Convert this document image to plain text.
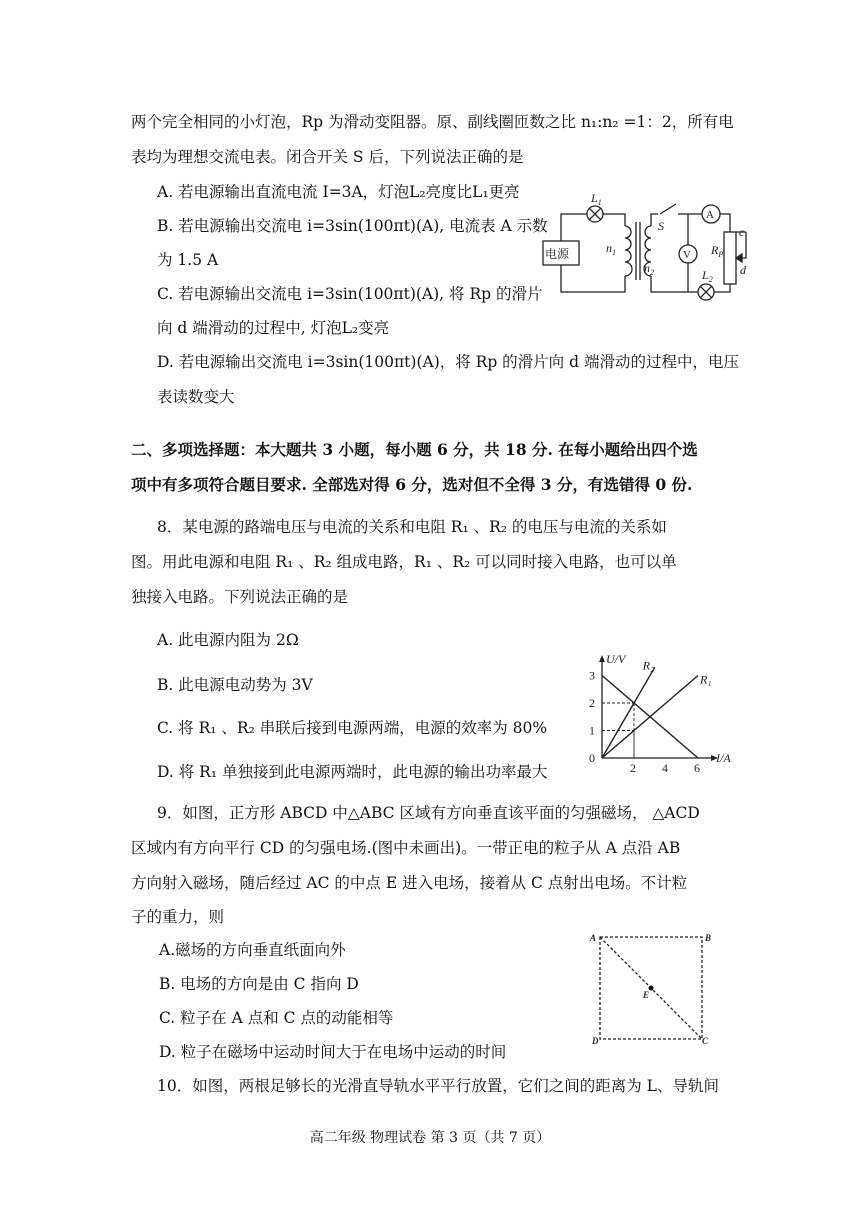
两个完全相同的小灯泡，Rp 为滑动变阻器。原、副线圈匝数之比 n₁:n₂ =1：2，所有电
表均为理想交流电表。闭合开关 S 后，下列说法正确的是
A. 若电源输出直流电流 I=3A，灯泡L₂亮度比L₁更亮
B. 若电源输出交流电 i=3sin(100πt)(A), 电流表 A 示数
为 1.5 A
C. 若电源输出交流电 i=3sin(100πt)(A), 将 Rp 的滑片
向 d 端滑动的过程中, 灯泡L₂变亮
D. 若电源输出交流电 i=3sin(100πt)(A)，将 Rp 的滑片向 d 端滑动的过程中，电压
表读数变大
电源
$L_1$
$n_1$
$n_2$
S
A
V $R_P$
c
d
$L_2$
二、多项选择题：本大题共 3 小题，每小题 6 分，共 18 分. 在每小题给出四个选
项中有多项符合题目要求. 全部选对得 6 分，选对但不全得 3 分，有选错得 0 份.
8．某电源的路端电压与电流的关系和电阻 R₁ 、R₂ 的电压与电流的关系如
图。用此电源和电阻 R₁ 、R₂ 组成电路，R₁ 、R₂ 可以同时接入电路，也可以单
独接入电路。下列说法正确的是
A. 此电源内阻为 2Ω
B. 此电源电动势为 3V
C. 将 R₁ 、R₂ 串联后接到电源两端，电源的效率为 80%
D. 将 R₁ 单独接到此电源两端时，此电源的输出功率最大
R₂
R₁
2 4 6
1
2
3
0	I/A
U/V
9．如图，正方形 ABCD 中△ABC 区域有方向垂直该平面的匀强磁场， △ACD
区域内有方向平行 CD 的匀强电场.(图中未画出)。一带正电的粒子从 A 点沿 AB
方向射入磁场，随后经过 AC 的中点 E 进入电场，接着从 C 点射出电场。不计粒
子的重力，则
A.磁场的方向垂直纸面向外
B. 电场的方向是由 C 指向 D
C. 粒子在 A 点和 C 点的动能相等
D. 粒子在磁场中运动时间大于在电场中运动的时间
A	B
C
D
E
10．如图，两根足够长的光滑直导轨水平平行放置，它们之间的距离为 L、导轨间
高二年级 物理试卷 第 3 页（共 7 页）
